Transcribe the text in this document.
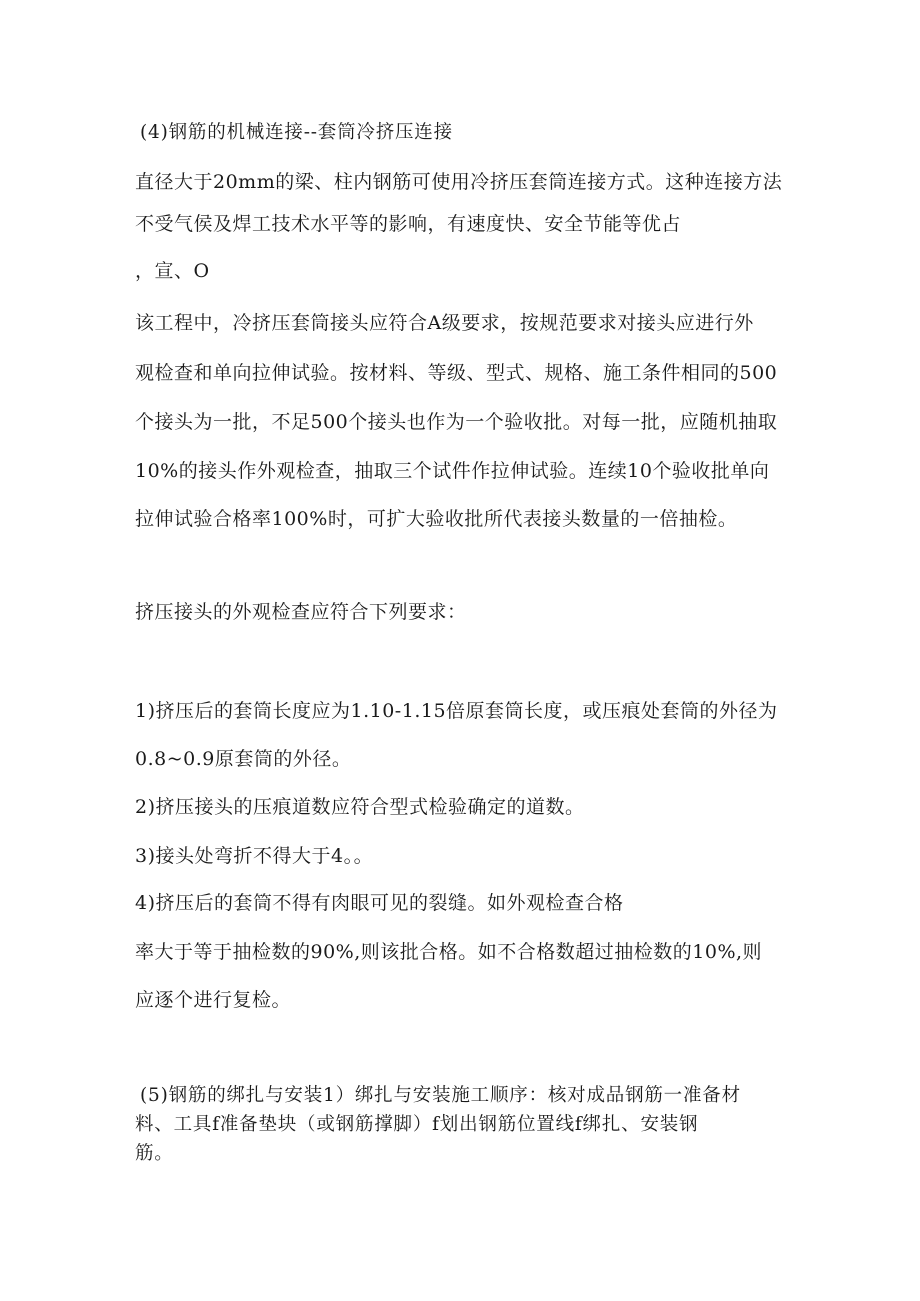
(4)钢筋的机械连接--套筒冷挤压连接
直径大于20mm的梁、柱内钢筋可使用冷挤压套筒连接方式。这种连接方法
不受气侯及焊工技术水平等的影响，有速度快、安全节能等优占
，宣、O
该工程中，冷挤压套筒接头应符合A级要求，按规范要求对接头应进行外
观检查和单向拉伸试验。按材料、等级、型式、规格、施工条件相同的500
个接头为一批，不足500个接头也作为一个验收批。对每一批，应随机抽取
10%的接头作外观检查，抽取三个试件作拉伸试验。连续10个验收批单向
拉伸试验合格率100%时，可扩大验收批所代表接头数量的一倍抽检。
挤压接头的外观检查应符合下列要求：
1)挤压后的套筒长度应为1.10-1.15倍原套筒长度，或压痕处套筒的外径为
0.8~0.9原套筒的外径。
2)挤压接头的压痕道数应符合型式检验确定的道数。
3)接头处弯折不得大于4。。
4)挤压后的套筒不得有肉眼可见的裂缝。如外观检查合格
率大于等于抽检数的90%,则该批合格。如不合格数超过抽检数的10%,则
应逐个进行复检。
(5)钢筋的绑扎与安装1）绑扎与安装施工顺序：核对成品钢筋一准备材
料、工具f准备垫块（或钢筋撑脚）f划出钢筋位置线f绑扎、安装钢
筋。
